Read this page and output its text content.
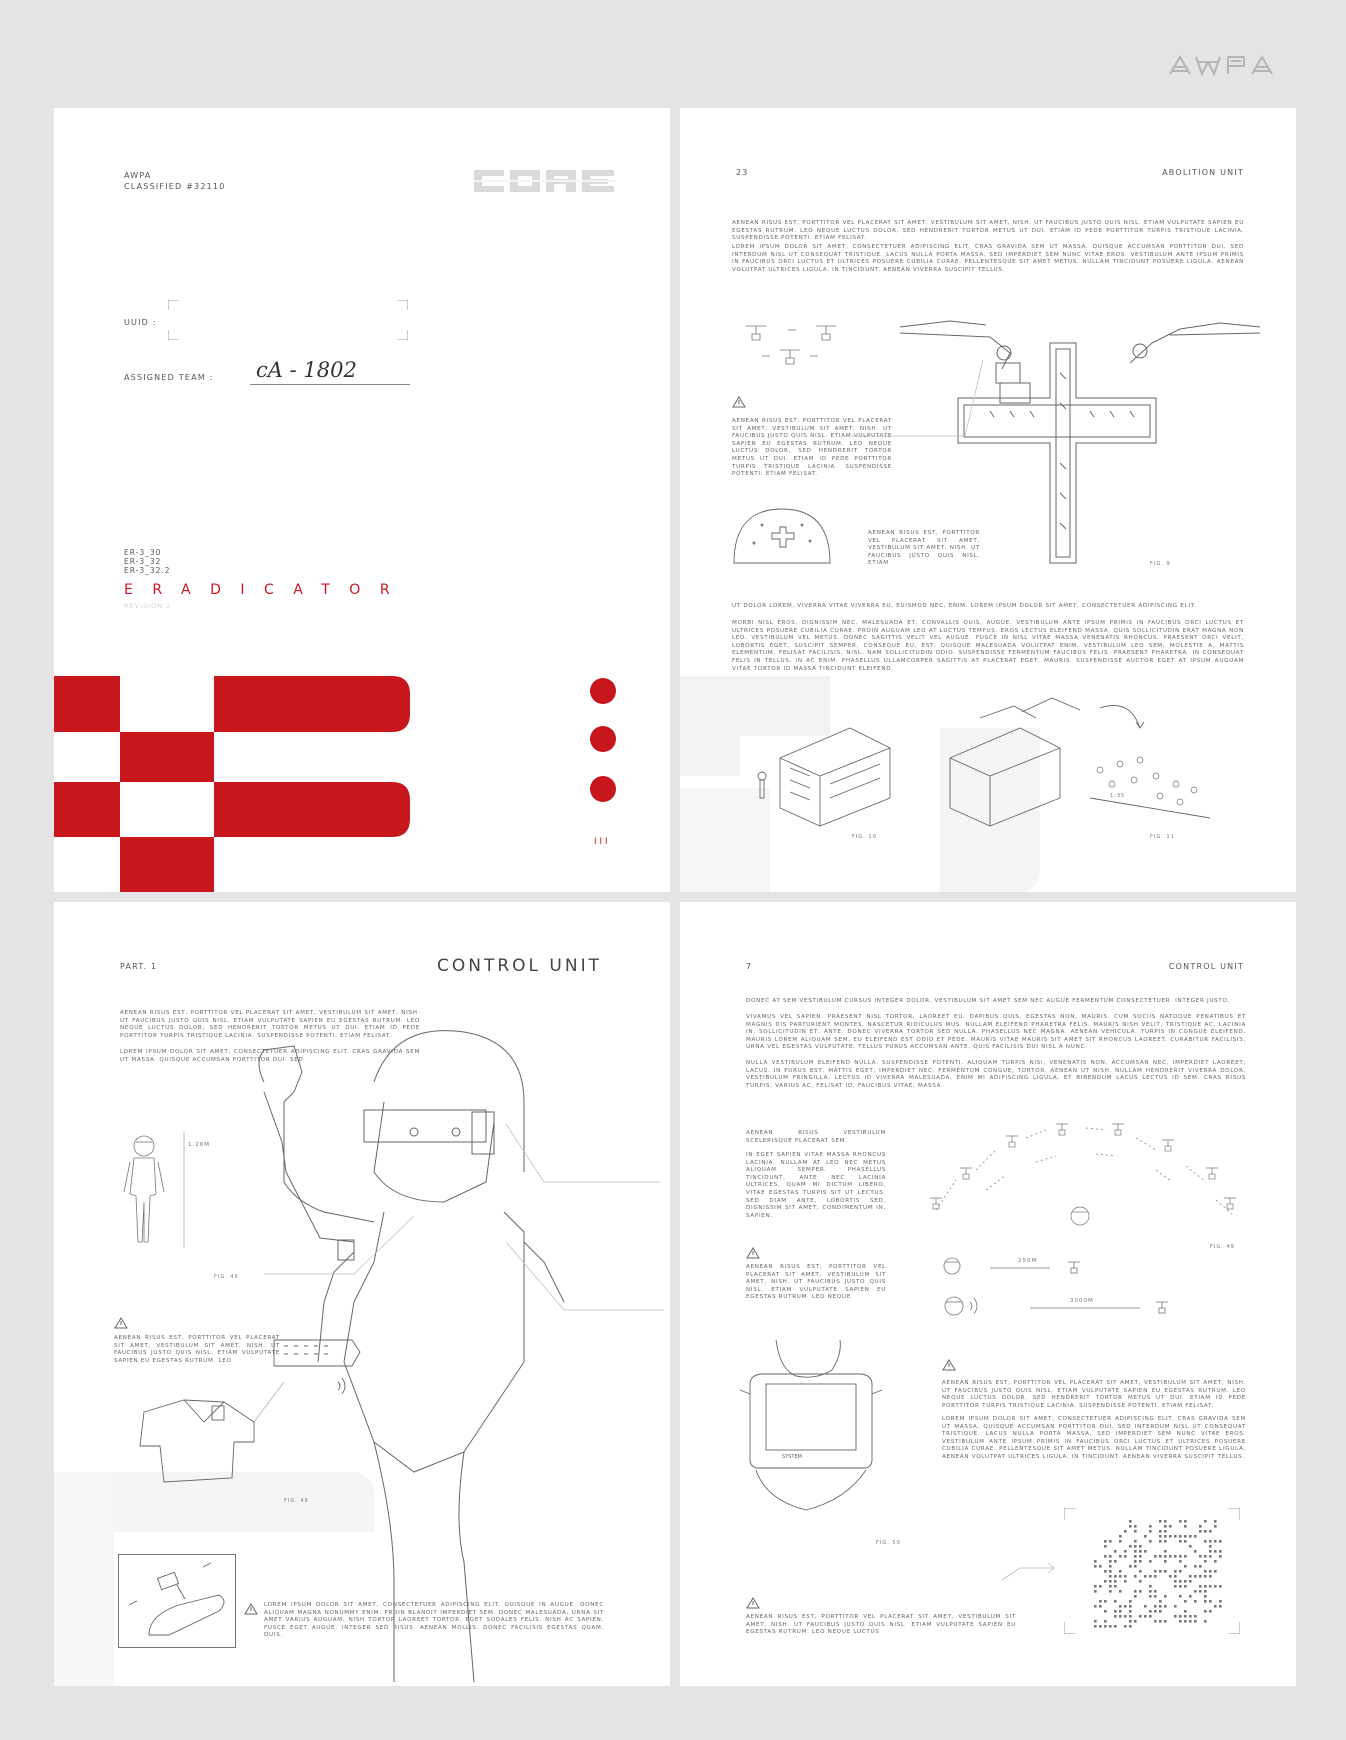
AWPA
CLASSIFIED #32110
UUID :
ASSIGNED TEAM : cA - 1802
ER-3_30
ER-3_32
ER-3_32.2
ERADICATOR
REVISION 2
III
23	ABOLITION UNIT
AENEAN RISUS EST, PORTTITOR VEL PLACERAT SIT AMET, VESTIBULUM SIT AMET, NISH. UT FAUCIBUS JUSTO QUIS NISL. ETIAM VULPUTATE SAPIEN EU EGESTAS RUTRUM. LEO NEQUE LUCTUS DOLOR, SED HENDRERIT TORTOR METUS UT DUI. ETIAM ID PEDE PORTTITOR TURPIS TRISTIQUE LACINIA. SUSPENDISSE POTENTI. ETIAM FELISAT.
LOREM IPSUM DOLOR SIT AMET, CONSECTETUER ADIPISCING ELIT. CRAS GRAVIDA SEM UT MASSA. QUISQUE ACCUMSAN PORTTITOR DUI. SED INTERDUM NISL UT CONSEQUAT TRISTIQUE. LACUS NULLA PORTA MASSA, SED IMPERDIET SEM NUNC VITAE EROS. VESTIBULUM ANTE IPSUM PRIMIS IN FAUCIBUS ORCI LUCTUS ET ULTRICES POSUERE CUBILIA CURAE. PELLENTESQUE SIT AMET METUS. NULLAM TINCIDUNT POSUERE LIGULA. AENEAN VOLUTPAT ULTRICES LIGULA. IN TINCIDUNT. AENEAN VIVERRA SUSCIPIT TELLUS.
AENEAN RISUS EST, PORTTITOR VEL PLACERAT SIT AMET, VESTIBULUM SIT AMET, NISH. UT FAUCIBUS JUSTO QUIS NISL. ETIAM VULPUTATE SAPIEN EU EGESTAS RUTRUM. LEO NEQUE LUCTUS DOLOR, SED HENDRERIT TORTOR METUS UT DUI. ETIAM ID PEDE PORTTITOR TURPIS TRISTIQUE LACINIA. SUSPENDISSE POTENTI. ETIAM FELISAT.
AENEAN RISUS EST, PORTTITOR VEL PLACERAT SIT AMET, VESTIBULUM SIT AMET, NISH. UT FAUCIBUS JUSTO QUIS NISL. ETIAM	FIG. 9
UT DOLOR LOREM, VIVERRA VITAE VIVERRA EU, EUISMOD NEC, ENIM. LOREM IPSUM DOLOR SIT AMET, CONSECTETUER ADIPISCING ELIT.
MORBI NISL EROS, DIGNISSIM NEC, MALESUADA ET, CONVALLIS QUIS, AUGUE. VESTIBULUM ANTE IPSUM PRIMIS IN FAUCIBUS ORCI LUCTUS ET ULTRICES POSUERE CUBILIA CURAE. PROIN AUGUAM LEO AT LUCTUS TEMPUS. EROS LECTUS ELEIFEND MASSA, QUIS SOLLICITUDIN ERAT MAGNA NON LEO. VESTIBULUM VEL METUS. DONEC SAGITTIS VELIT VEL AUGUE. FUSCE IN NISL VITAE MASSA VENENATIS RHONCUS. PRAESENT ORCI VELIT, LOBORTIS EGET, SUSCIPIT SEMPER, CONSEQUE EU, EST. QUISQUE MALESUADA VOLUTPAT ENIM. VESTIBULUM LEO SEM, MOLESTIE A, MATTIS ELEMENTUM, FELISAT FACILISIS, NISL. NAM SOLLICITUDIN ODIO. SUSPENDISSE FERMENTUM FAUCIBUS FELIS. PRAESENT PHARETRA. IN CONSEQUAT FELIS IN TELLUS. IN AC ENIM. PHASELLUS ULLAMCORPER SAGITTIS AT PLACERAT EGET, MAURIS. SUSPENDISSE AUCTOR EGET AT IPSUM AUGUAM VITAE TORTOR ID MASSA TINCIDUNT ELEIFEND.
1:35
FIG. 10	FIG. 11
PART. 1	CONTROL UNIT
AENEAN RISUS EST, PORTTITOR VEL PLACERAT SIT AMET, VESTIBULUM SIT AMET, NISH. UT FAUCIBUS JUSTO QUIS NISL. ETIAM VULPUTATE SAPIEN EU EGESTAS RUTRUM. LEO NEQUE LUCTUS DOLOR, SED HENDRERIT TORTOR METUS UT DUI. ETIAM ID PEDE PORTTITOR TURPIS TRISTIQUE LACINIA. SUSPENDISSE POTENTI. ETIAM FELISAT.
LOREM IPSUM DOLOR SIT AMET, CONSECTETUER ADIPISCING ELIT. CRAS GRAVIDA SEM UT MASSA. QUISQUE ACCUMSAN PORTTITOR DUI. SED
1.26M
FIG. 46
AENEAN RISUS EST, PORTTITOR VEL PLACERAT SIT AMET, VESTIBULUM SIT AMET, NISH. UT FAUCIBUS JUSTO QUIS NISL. ETIAM VULPUTATE SAPIEN EU EGESTAS RUTRUM. LEO
FIG. 48
LOREM IPSUM DOLOR SIT AMET, CONSECTETUER ADIPISCING ELIT. QUISQUE IN AUGUE. DONEC ALIQUAM MAGNA NONUMMY ENIM. PROIN BLANDIT IMPERDIET SEM. DONEC MALESUADA, URNA SIT AMET VARIUS AUGUAM, NISH TORTOR LAOREET TORTOR, EGET SODALES FELIS. NISH AC SAPIEN. FUSCE EGET AUGUE. INTEGER SED RISUS. AENEAN MOLLIS. DONEC FACILISIS EGESTAS QUAM. DUIS.
7	CONTROL UNIT
DONEC AT SEM VESTIBULUM CURSUS INTEGER DOLOR. VESTIBULUM SIT AMET SEM NEC AUGUE FERMENTUM CONSECTETUER. INTEGER JUSTO.
VIVAMUS VEL SAPIEN. PRAESENT NISL TORTOR, LAOREET EU, DAPIBUS QUIS, EGESTAS NON, MAURIS. CUM SOCIIS NATOQUE PENATIBUS ET MAGNIS DIS PARTURIENT MONTES, NASCETUR RIDICULUS MUS. NULLAM ELEIFEND PHARETRA FELIS. MAURIS NISH VELIT, TRISTIQUE AC, LACINIA IN, SOLLICITUDIN ET, ANTE. DONEC VIVERRA TORTOR SED NULLA. PHASELLUS NEC MAGNA. AENEAN VEHICULA, TURPIS IN CONGUE ELEIFEND, MAURIS LOREM ALIQUAM SEM, EU ELEIFEND EST ODIO ET PEDE. MAURIS VITAE MAURIS SIT AMET SIT RHONCUS LAOREET. CURABITUR FACILISIS, URNA VEL EGESTAS VULPUTATE, TELLUS PURUS ACCUMSAN ANTE, QUIS FACILISIS DUI NISL A NUNC.
NULLA VESTIBULUM ELEIFEND NULLA. SUSPENDISSE POTENTI. ALIQUAM TURPIS NISI, VENENATIS NON, ACCUMSAN NEC, IMPERDIET LAOREET, LACUS. IN PURUS EST, MATTIS EGET, IMPERDIET NEC, FERMENTUM CONGUE, TORTOR. AENEAN UT NISH. NULLAM HENDRERIT VIVERRA DOLOR. VESTIBULUM FRINGILLA, LECTUS ID VIVERRA MALESUADA, ENIM MI ADIPISCING LIGULA, ET BIBENDUM LACUS LECTUS ID SEM. CRAS RISUS TURPIS, VARIUS AC, FELISAT ID, FAUCIBUS VITAE, MASSA.
AENEAN RISUS VESTIBULUM SCELERISQUE PLACERAT SEM.
IN EGET SAPIEN VITAE MASSA RHONCUS LACINIA. NULLAM AT LEO NEC METUS ALIQUAM SEMPER. PHASELLUS TINCIDUNT, ANTE NEC LACINIA ULTRICES, QUAM MI DICTUM LIBERO, VITAE EGESTAS TURPIS SIT UT LECTUS. SED DIAM ANTE, LOBORTIS SED, DIGNISSIM SIT AMET, CONDIMENTUM IN, SAPIEN.
FIG. 49
AENEAN RISUS EST, PORTTITOR VEL PLACERAT SIT AMET, VESTIBULUM SIT AMET, NISH. UT FAUCIBUS JUSTO QUIS NISL. ETIAM VULPUTATE SAPIEN EU EGESTAS RUTRUM. LEO NEQUE
250M
3000M
SYSTEM
FIG. 50
AENEAN RISUS EST, PORTTITOR VEL PLACERAT SIT AMET, VESTIBULUM SIT AMET, NISH. UT FAUCIBUS JUSTO QUIS NISL. ETIAM VULPUTATE SAPIEN EU EGESTAS RUTRUM. LEO NEQUE LUCTUS DOLOR, SED HENDRERIT TORTOR METUS UT DUI. ETIAM ID PEDE PORTTITOR TURPIS TRISTIQUE LACINIA. SUSPENDISSE POTENTI. ETIAM FELISAT.
LOREM IPSUM DOLOR SIT AMET, CONSECTETUER ADIPISCING ELIT. CRAS GRAVIDA SEM UT MASSA. QUISQUE ACCUMSAN PORTTITOR DUI. SED INTERDUM NISL UT CONSEQUAT TRISTIQUE. LACUS NULLA PORTA MASSA, SED IMPERDIET SEM NUNC VITAE EROS. VESTIBULUM ANTE IPSUM PRIMIS IN FAUCIBUS ORCI LUCTUS ET ULTRICES POSUERE CUBILIA CURAE. PELLENTESQUE SIT AMET METUS. NULLAM TINCIDUNT POSUERE LIGULA. AENEAN VOLUTPAT ULTRICES LIGULA. IN TINCIDUNT. AENEAN VIVERRA SUSCIPIT TELLUS.
AENEAN RISUS EST, PORTTITOR VEL PLACERAT SIT AMET, VESTIBULUM SIT AMET, NISH. UT FAUCIBUS JUSTO QUIS NISL. ETIAM VULPUTATE SAPIEN EU EGESTAS RUTRUM. LEO NEQUE LUCTUS
